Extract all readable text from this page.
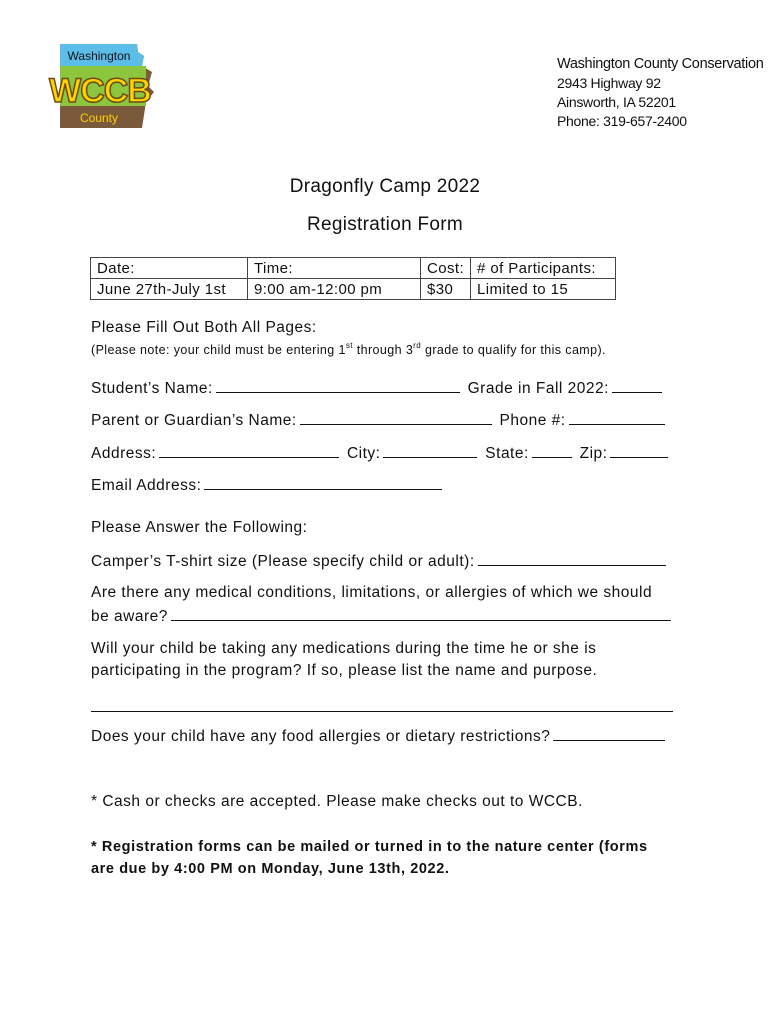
Washington
WCCB
County
Washington County Conservation
2943 Highway 92
Ainsworth, IA 52201
Phone: 319-657-2400
Dragonfly Camp 2022
Registration Form
Date:	Time:	Cost:	# of Participants:
June 27th-July 1st	9:00 am-12:00 pm	$30	Limited to 15
Please Fill Out Both All Pages:
(Please note: your child must be entering 1st through 3rd grade to qualify for this camp).
Student’s Name:	Grade in Fall 2022:
Parent or Guardian’s Name:	Phone #:
Address:	City:	State:	Zip:
Email Address:
Please Answer the Following:
Camper’s T-shirt size (Please specify child or adult):
Are there any medical conditions, limitations, or allergies of which we should
be aware?
Will your child be taking any medications during the time he or she is participating in the program? If so, please list the name and purpose.
Does your child have any food allergies or dietary restrictions?
* Cash or checks are accepted. Please make checks out to WCCB.
* Registration forms can be mailed or turned in to the nature center (forms are due by 4:00 PM on Monday, June 13th, 2022.
